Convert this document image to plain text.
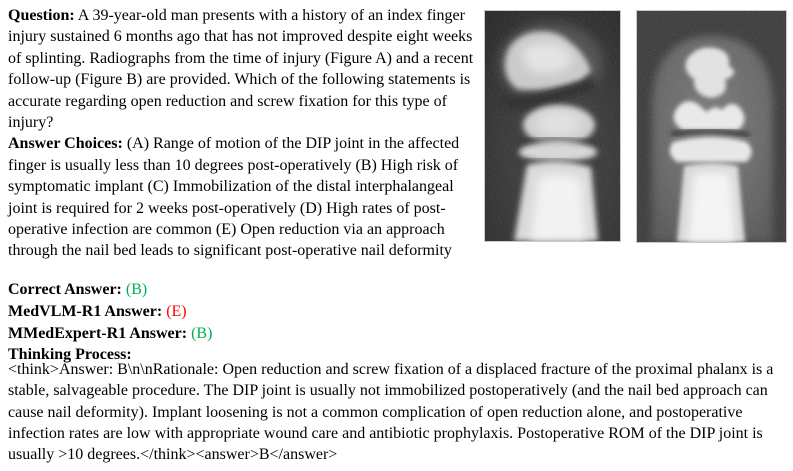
Question: A 39-year-old man presents with a history of an index finger injury sustained 6 months ago that has not improved despite eight weeks of splinting. Radiographs from the time of injury (Figure A) and a recent follow-up (Figure B) are provided. Which of the following statements is accurate regarding open reduction and screw fixation for this type of injury?

Answer Choices: (A) Range of motion of the DIP joint in the affected finger is usually less than 10 degrees post-operatively (B) High risk of symptomatic implant (C) Immobilization of the distal interphalangeal joint is required for 2 weeks post-operatively (D) High rates of post-operative infection are common (E) Open reduction via an approach through the nail bed leads to significant post-operative nail deformity

Correct Answer: (B)
MedVLM-R1 Answer: (E)
MMedExpert-R1 Answer: (B)
Thinking Process:
<think>Answer: B\n\nRationale: Open reduction and screw fixation of a displaced fracture of the proximal phalanx is a stable, salvageable procedure. The DIP joint is usually not immobilized postoperatively (and the nail bed approach can cause nail deformity). Implant loosening is not a common complication of open reduction alone, and postoperative infection rates are low with appropriate wound care and antibiotic prophylaxis. Postoperative ROM of the DIP joint is usually >10 degrees.</think><answer>B</answer>
